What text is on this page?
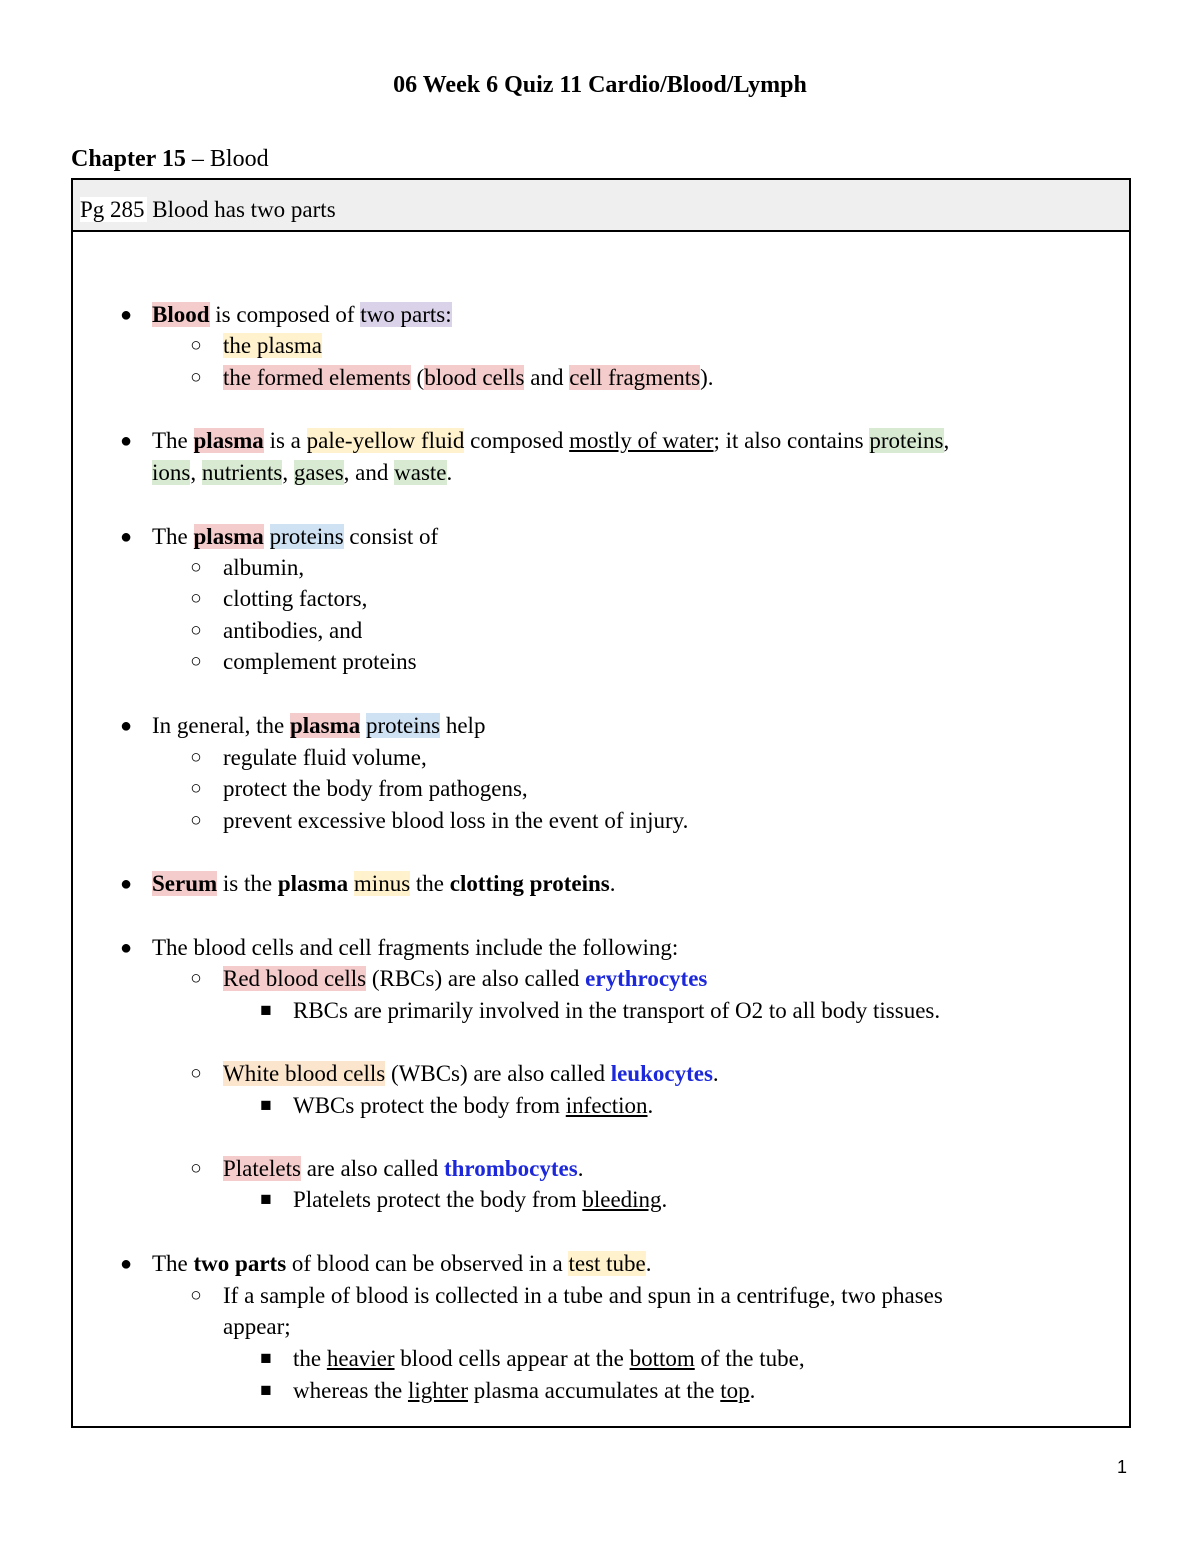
06 Week 6 Quiz 11 Cardio/Blood/Lymph
Chapter 15 – Blood
Pg 285 Blood has two parts
● Blood is composed of two parts:
○ the plasma
○ the formed elements (blood cells and cell fragments).
● The plasma is a pale-yellow fluid composed mostly of water; it also contains proteins,
ions, nutrients, gases, and waste.
● The plasma proteins consist of
○ albumin,
○ clotting factors,
○ antibodies, and
○ complement proteins
● In general, the plasma proteins help
○ regulate fluid volume,
○ protect the body from pathogens,
○ prevent excessive blood loss in the event of injury.
● Serum is the plasma minus the clotting proteins.
● The blood cells and cell fragments include the following:
○ Red blood cells (RBCs) are also called erythrocytes
■ RBCs are primarily involved in the transport of O2 to all body tissues.
○ White blood cells (WBCs) are also called leukocytes.
■ WBCs protect the body from infection.
○ Platelets are also called thrombocytes.
■ Platelets protect the body from bleeding.
● The two parts of blood can be observed in a test tube.
○ If a sample of blood is collected in a tube and spun in a centrifuge, two phases
appear;
■ the heavier blood cells appear at the bottom of the tube,
■ whereas the lighter plasma accumulates at the top.
1
